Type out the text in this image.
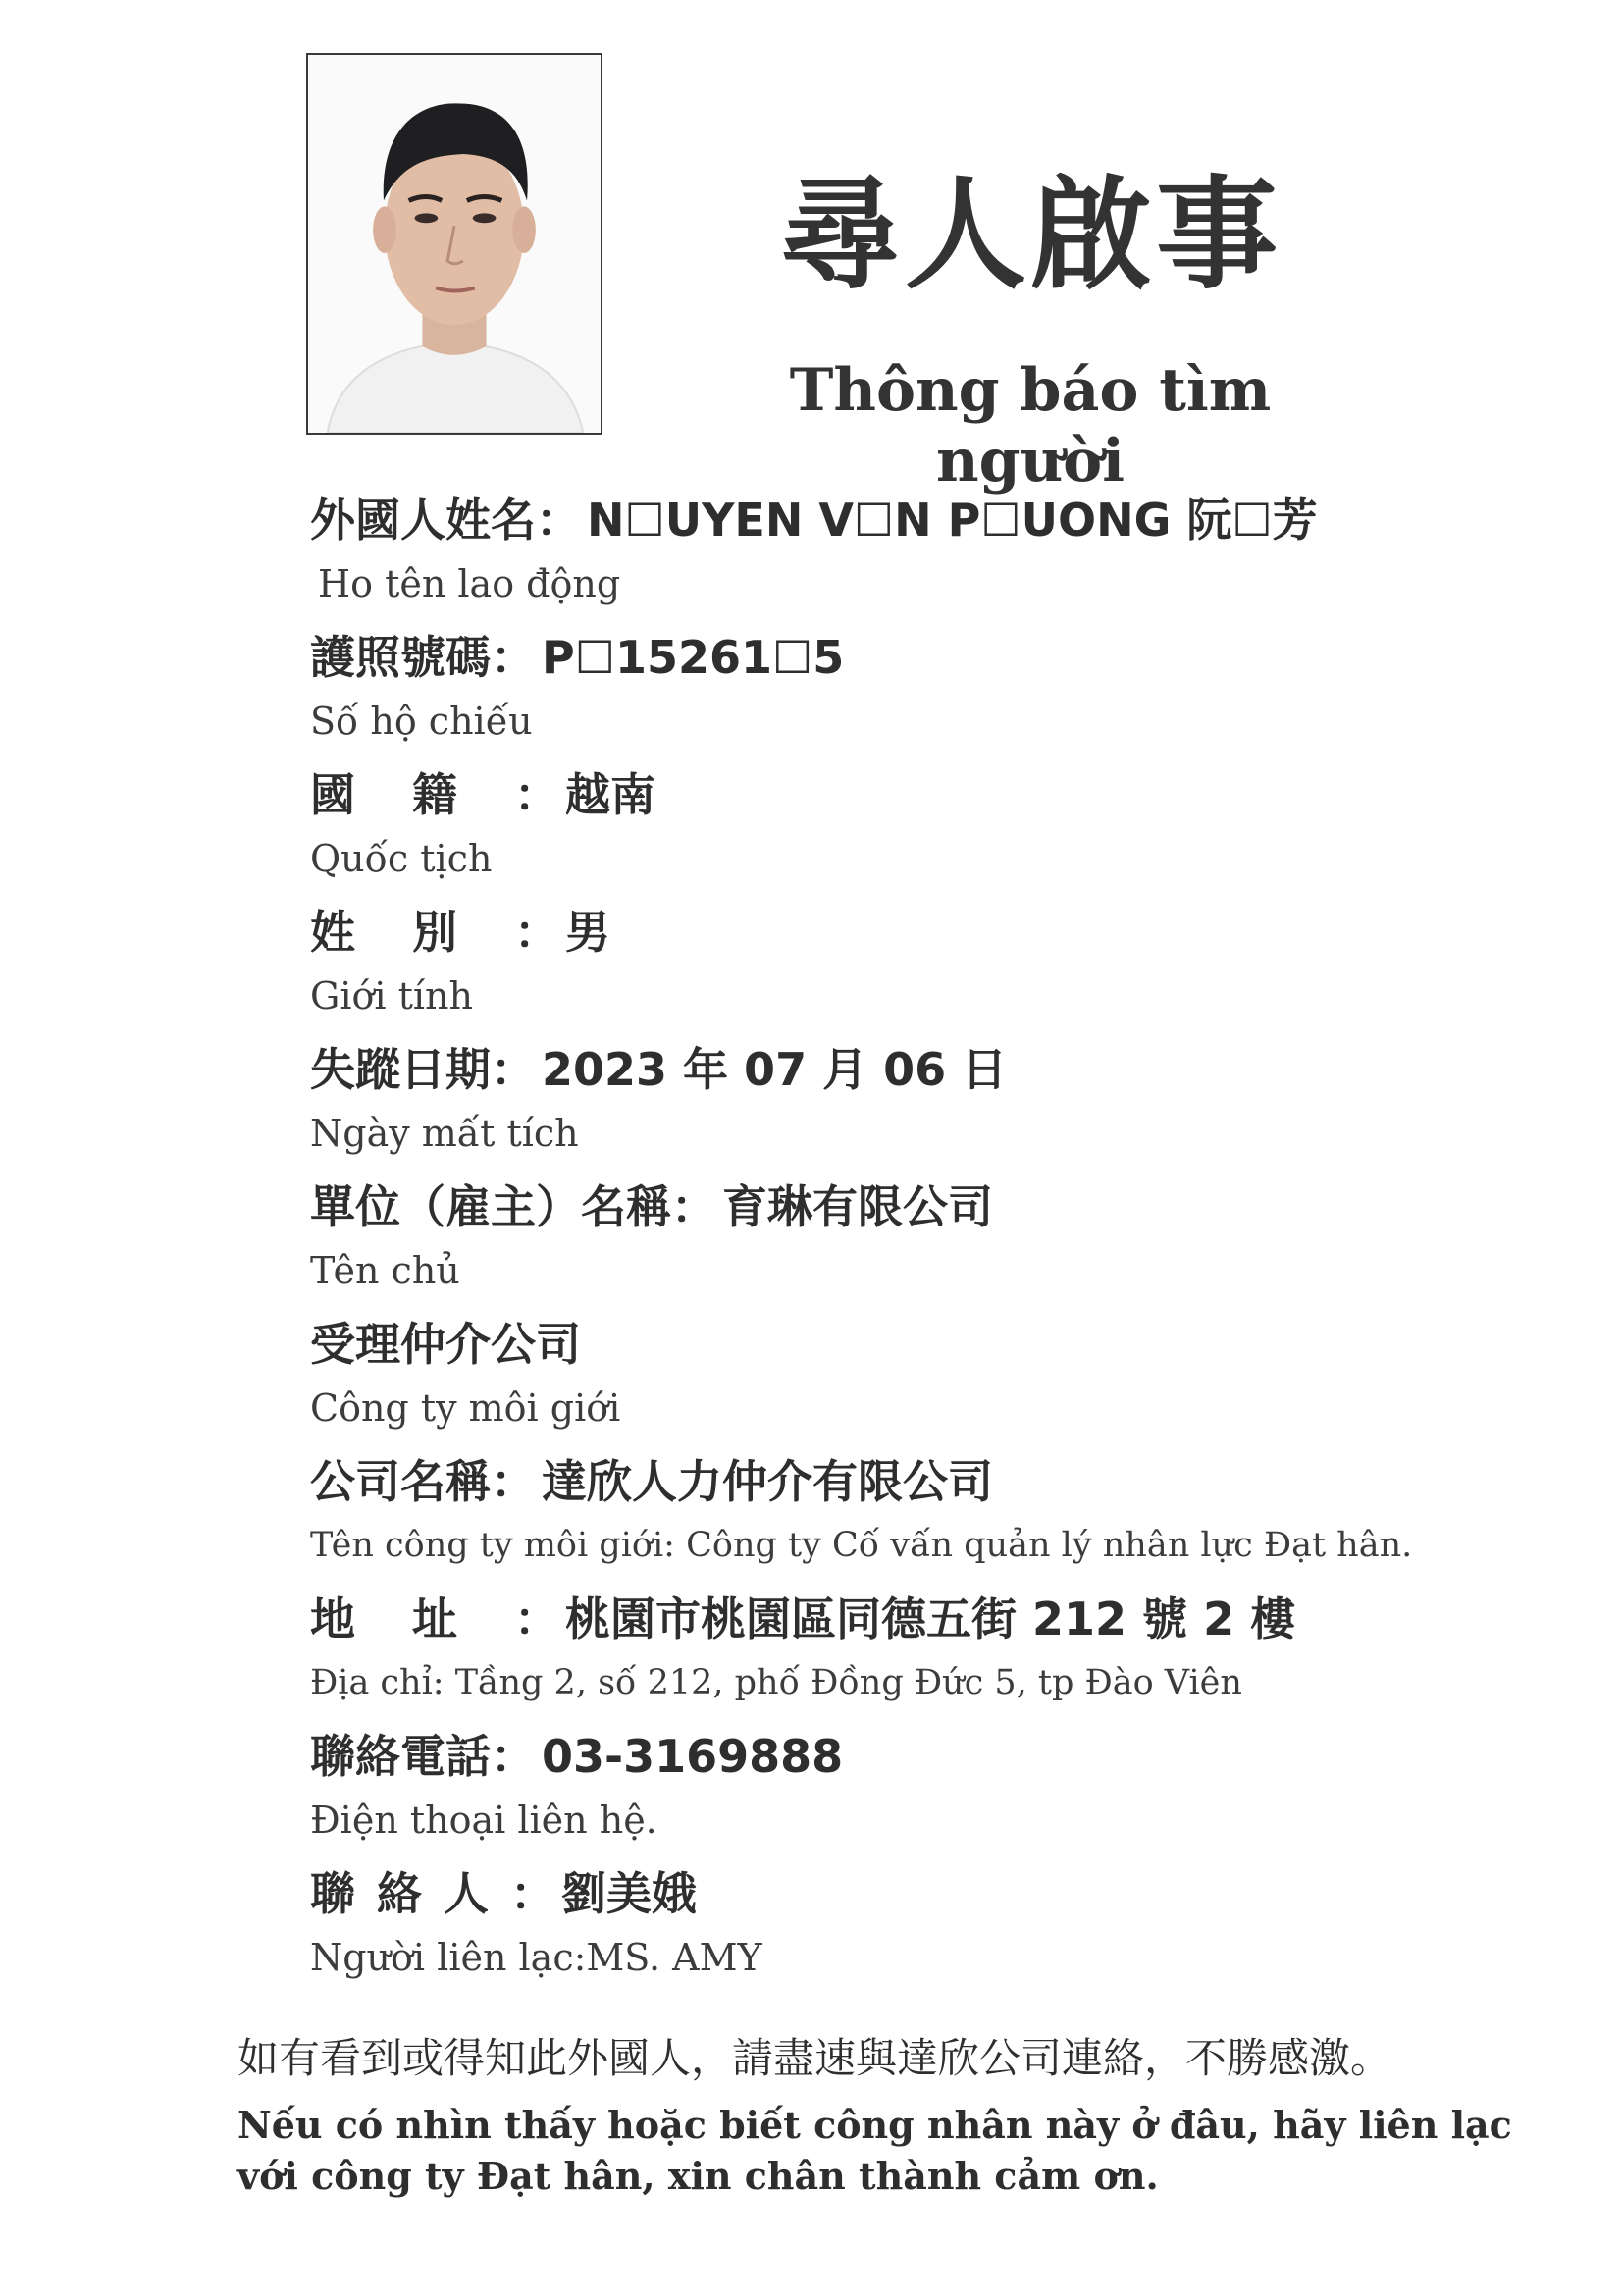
尋人啟事
Thông báo tìm người
外國人姓名： N☐UYEN V☐N P☐UONG 阮☐芳
Ho tên lao động
護照號碼： P☐15261☐5
Số hộ chiếu
國籍： 越南
Quốc tịch
姓別： 男
Giới tính
失蹤日期： 2023 年 07 月 06 日
Ngày mất tích
單位（雇主）名稱： 育琳有限公司
Tên chủ
受理仲介公司
Công ty môi giới
公司名稱： 達欣人力仲介有限公司
Tên công ty môi giới: Công ty Cố vấn quản lý nhân lực Đạt hân.
地址： 桃園市桃園區同德五街 212 號 2 樓
Địa chỉ: Tầng 2, số 212, phố Đồng Đức 5, tp Đào Viên
聯絡電話： 03-3169888
Điện thoại liên hệ.
聯絡人： 劉美娥
Người liên lạc:MS. AMY
如有看到或得知此外國人，請盡速與達欣公司連絡，不勝感激。
Nếu có nhìn thấy hoặc biết công nhân này ở đâu, hãy liên lạc với công ty Đạt hân, xin chân thành cảm ơn.
